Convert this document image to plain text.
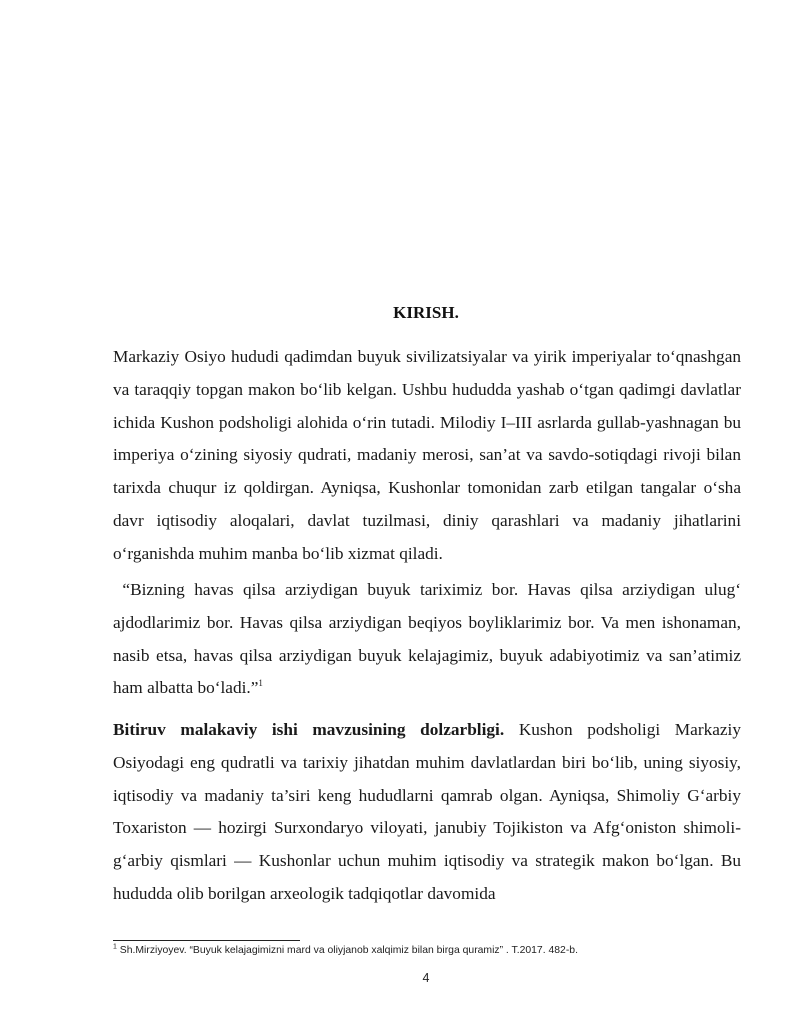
KIRISH.

Markaziy Osiyo hududi qadimdan buyuk sivilizatsiyalar va yirik imperiyalar to‘qnashgan va taraqqiy topgan makon bo‘lib kelgan. Ushbu hududda yashab o‘tgan qadimgi davlatlar ichida Kushon podsholigi alohida o‘rin tutadi. Milodiy I–III asrlarda gullab-yashnagan bu imperiya o‘zining siyosiy qudrati, madaniy merosi, san’at va savdo-sotiqdagi rivoji bilan tarixda chuqur iz qoldirgan. Ayniqsa, Kushonlar tomonidan zarb etilgan tangalar o‘sha davr iqtisodiy aloqalari, davlat tuzilmasi, diniy qarashlari va madaniy jihatlarini o‘rganishda muhim manba bo‘lib xizmat qiladi.

“Bizning havas qilsa arziydigan buyuk tariximiz bor. Havas qilsa arziydigan ulug‘ ajdodlarimiz bor. Havas qilsa arziydigan beqiyos boyliklarimiz bor. Va men ishonaman, nasib etsa, havas qilsa arziydigan buyuk kelajagimiz, buyuk adabiyotimiz va san’atimiz ham albatta bo‘ladi.”$^1$

Bitiruv malakaviy ishi mavzusining dolzarbligi. Kushon podsholigi Markaziy Osiyodagi eng qudratli va tarixiy jihatdan muhim davlatlardan biri bo‘lib, uning siyosiy, iqtisodiy va madaniy ta’siri keng hududlarni qamrab olgan. Ayniqsa, Shimoliy G‘arbiy Toxariston — hozirgi Surxondaryo viloyati, janubiy Tojikiston va Afg‘oniston shimoli-g‘arbiy qismlari — Kushonlar uchun muhim iqtisodiy va strategik makon bo‘lgan. Bu hududda olib borilgan arxeologik tadqiqotlar davomida

$^1$ Sh.Mirziyoyev. “Buyuk kelajagimizni mard va oliyjanob xalqimiz bilan birga quramiz” . T.2017. 482-b.
4
